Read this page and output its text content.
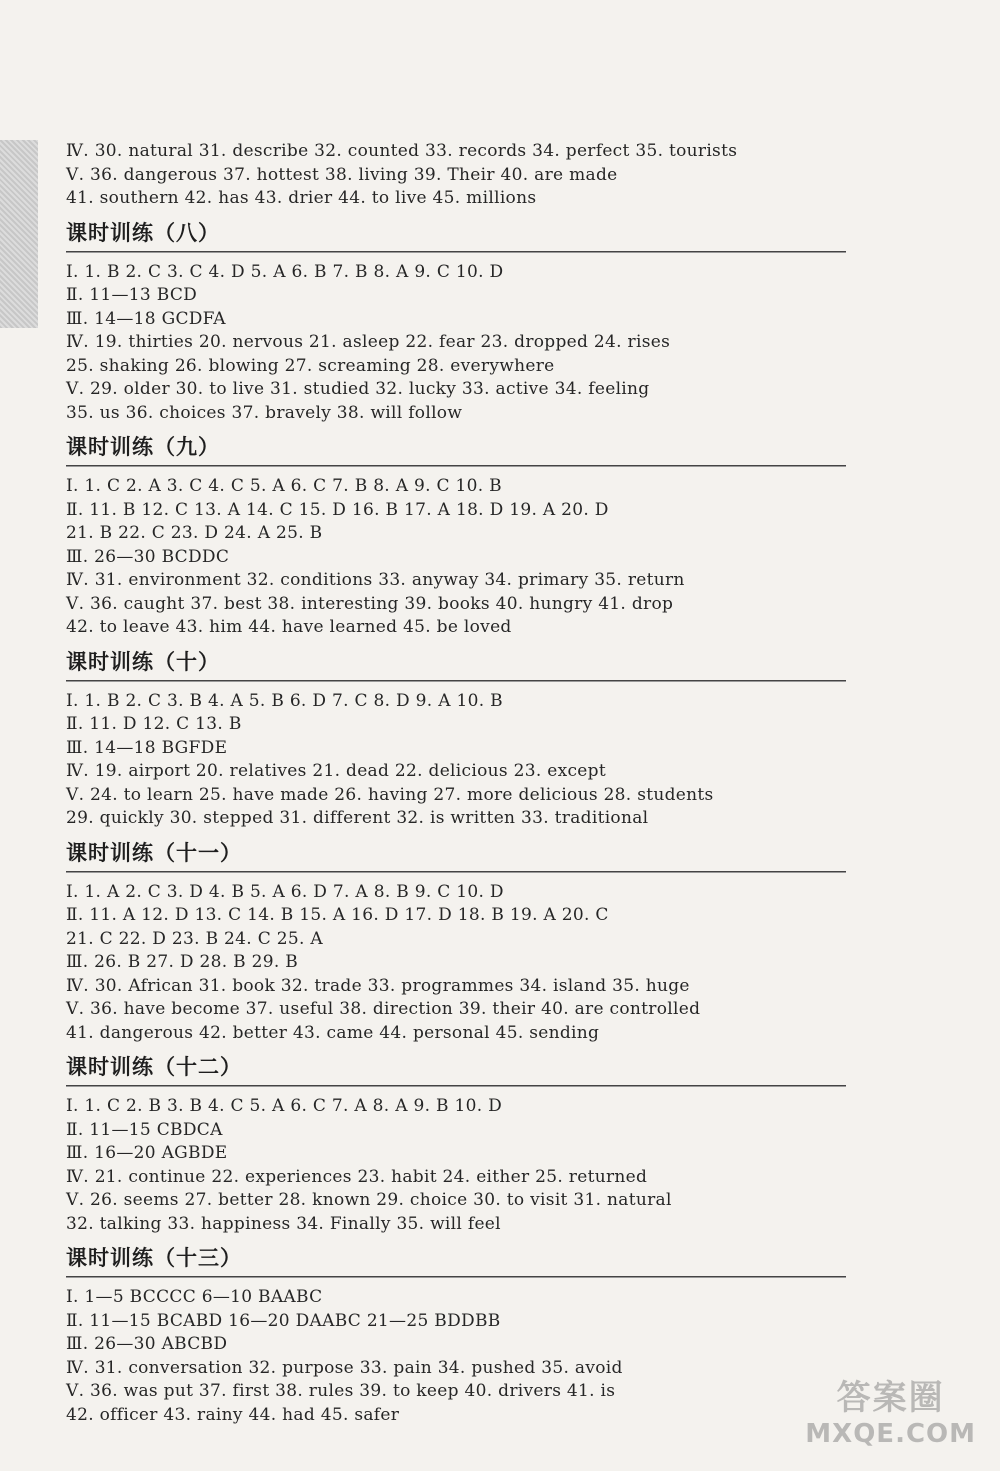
Ⅳ. 30. natural 31. describe 32. counted 33. records 34. perfect 35. tourists
Ⅴ. 36. dangerous 37. hottest 38. living 39. Their 40. are made
41. southern 42. has 43. drier 44. to live 45. millions
课时训练（八）
Ⅰ. 1. B 2. C 3. C 4. D 5. A 6. B 7. B 8. A 9. C 10. D
Ⅱ. 11—13 BCD
Ⅲ. 14—18 GCDFA
Ⅳ. 19. thirties 20. nervous 21. asleep 22. fear 23. dropped 24. rises
25. shaking 26. blowing 27. screaming 28. everywhere
Ⅴ. 29. older 30. to live 31. studied 32. lucky 33. active 34. feeling
35. us 36. choices 37. bravely 38. will follow
课时训练（九）
Ⅰ. 1. C 2. A 3. C 4. C 5. A 6. C 7. B 8. A 9. C 10. B
Ⅱ. 11. B 12. C 13. A 14. C 15. D 16. B 17. A 18. D 19. A 20. D
21. B 22. C 23. D 24. A 25. B
Ⅲ. 26—30 BCDDC
Ⅳ. 31. environment 32. conditions 33. anyway 34. primary 35. return
Ⅴ. 36. caught 37. best 38. interesting 39. books 40. hungry 41. drop
42. to leave 43. him 44. have learned 45. be loved
课时训练（十）
Ⅰ. 1. B 2. C 3. B 4. A 5. B 6. D 7. C 8. D 9. A 10. B
Ⅱ. 11. D 12. C 13. B
Ⅲ. 14—18 BGFDE
Ⅳ. 19. airport 20. relatives 21. dead 22. delicious 23. except
Ⅴ. 24. to learn 25. have made 26. having 27. more delicious 28. students
29. quickly 30. stepped 31. different 32. is written 33. traditional
课时训练（十一）
Ⅰ. 1. A 2. C 3. D 4. B 5. A 6. D 7. A 8. B 9. C 10. D
Ⅱ. 11. A 12. D 13. C 14. B 15. A 16. D 17. D 18. B 19. A 20. C
21. C 22. D 23. B 24. C 25. A
Ⅲ. 26. B 27. D 28. B 29. B
Ⅳ. 30. African 31. book 32. trade 33. programmes 34. island 35. huge
Ⅴ. 36. have become 37. useful 38. direction 39. their 40. are controlled
41. dangerous 42. better 43. came 44. personal 45. sending
课时训练（十二）
Ⅰ. 1. C 2. B 3. B 4. C 5. A 6. C 7. A 8. A 9. B 10. D
Ⅱ. 11—15 CBDCA
Ⅲ. 16—20 AGBDE
Ⅳ. 21. continue 22. experiences 23. habit 24. either 25. returned
Ⅴ. 26. seems 27. better 28. known 29. choice 30. to visit 31. natural
32. talking 33. happiness 34. Finally 35. will feel
课时训练（十三）
Ⅰ. 1—5 BCCCC 6—10 BAABC
Ⅱ. 11—15 BCABD 16—20 DAABC 21—25 BDDBB
Ⅲ. 26—30 ABCBD
Ⅳ. 31. conversation 32. purpose 33. pain 34. pushed 35. avoid
Ⅴ. 36. was put 37. first 38. rules 39. to keep 40. drivers 41. is
42. officer 43. rainy 44. had 45. safer	答案圈
MXQE.COM
